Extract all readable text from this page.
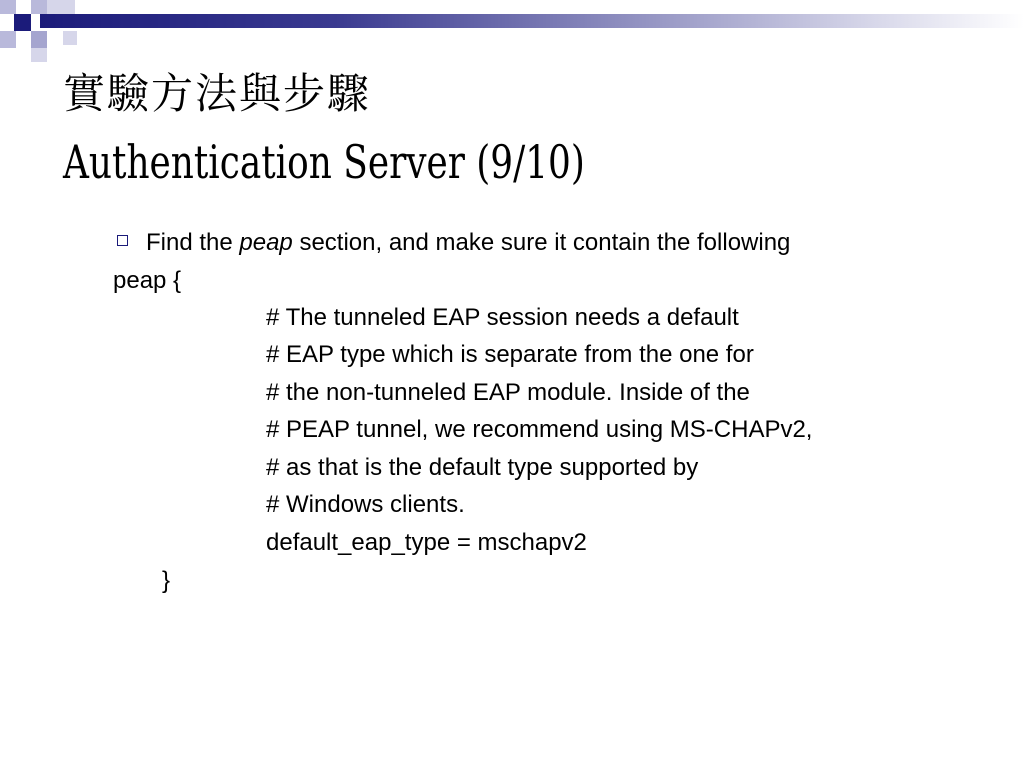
實驗方法與步驟
Authentication Server (9/10)
Find the peap section, and make sure it contain the following
peap {
# The tunneled EAP session needs a default
# EAP type which is separate from the one for
# the non-tunneled EAP module. Inside of the
# PEAP tunnel, we recommend using MS-CHAPv2,
# as that is the default type supported by
# Windows clients.
default_eap_type = mschapv2
}
